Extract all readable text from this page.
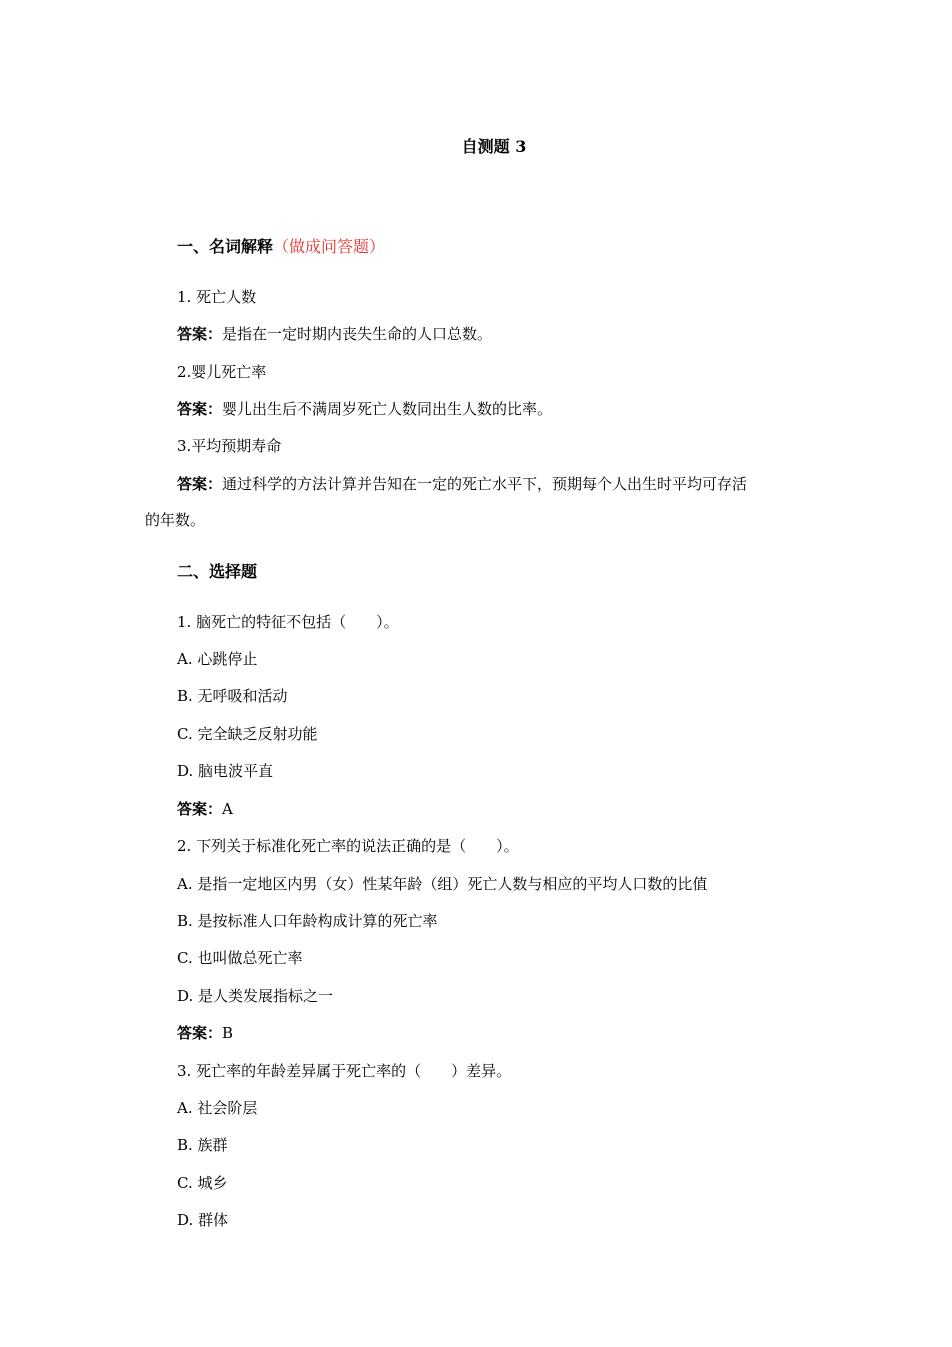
自测题 3
一、名词解释（做成问答题）
1. 死亡人数
答案：是指在一定时期内丧失生命的人口总数。
2.婴儿死亡率
答案：婴儿出生后不满周岁死亡人数同出生人数的比率。
3.平均预期寿命
答案：通过科学的方法计算并告知在一定的死亡水平下，预期每个人出生时平均可存活
的年数。
二、选择题
1. 脑死亡的特征不包括（　　）。
A. 心跳停止
B. 无呼吸和活动
C. 完全缺乏反射功能
D. 脑电波平直
答案：A
2. 下列关于标准化死亡率的说法正确的是（　　）。
A. 是指一定地区内男（女）性某年龄（组）死亡人数与相应的平均人口数的比值
B. 是按标准人口年龄构成计算的死亡率
C. 也叫做总死亡率
D. 是人类发展指标之一
答案：B
3. 死亡率的年龄差异属于死亡率的（　　）差异。
A. 社会阶层
B. 族群
C. 城乡
D. 群体
